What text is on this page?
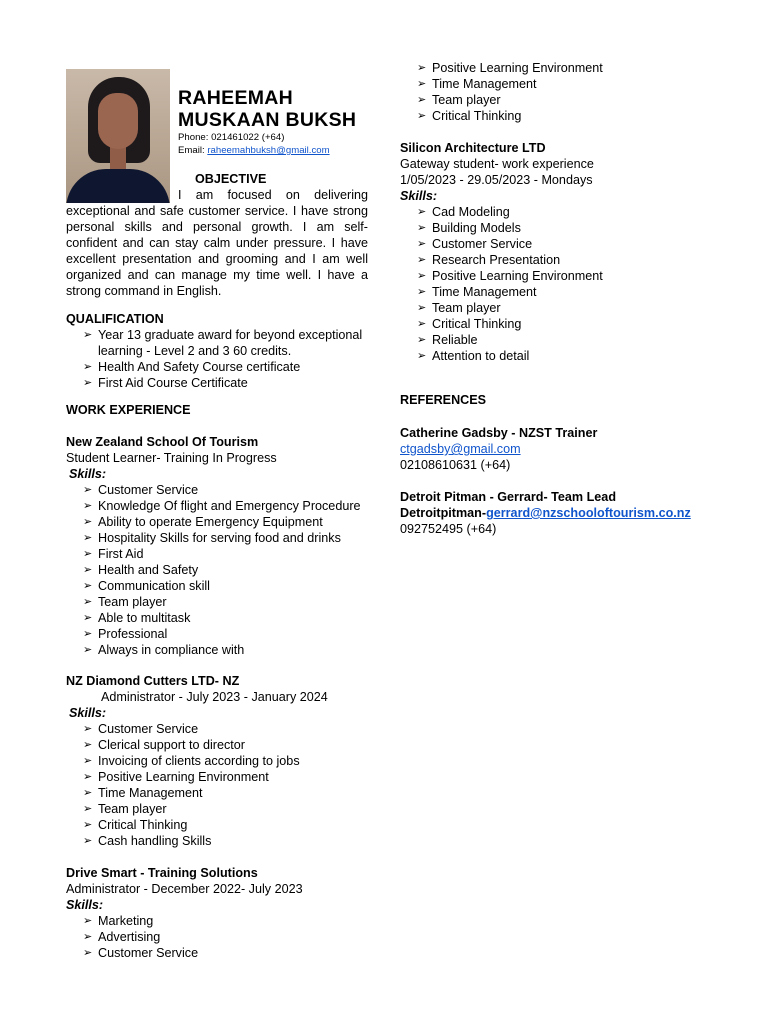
RAHEEMAH
MUSKAAN BUKSH
Phone: 021461022 (+64)
Email: raheemahbuksh@gmail.com
OBJECTIVE
I am focused on delivering exceptional and safe customer service. I have strong personal skills and personal growth. I am self-confident and can stay calm under pressure. I have excellent presentation and grooming and I am well organized and can manage my time well. I have a strong command in English.

QUALIFICATION

➢ Year 13 graduate award for beyond exceptional learning - Level 2 and 3 60 credits.
➢ Health And Safety Course certificate
➢ First Aid Course Certificate

WORK EXPERIENCE

New Zealand School Of Tourism

Student Learner- Training In Progress

Skills:

➢ Customer Service
➢ Knowledge Of flight and Emergency Procedure
➢ Ability to operate Emergency Equipment
➢ Hospitality Skills for serving food and drinks
➢ First Aid
➢ Health and Safety
➢ Communication skill
➢ Team player
➢ Able to multitask
➢ Professional
➢ Always in compliance with

NZ Diamond Cutters LTD- NZ

Administrator - July 2023 - January 2024

Skills:

➢ Customer Service
➢ Clerical support to director
➢ Invoicing of clients according to jobs
➢ Positive Learning Environment
➢ Time Management
➢ Team player
➢ Critical Thinking
➢ Cash handling Skills

Drive Smart - Training Solutions

Administrator - December 2022- July 2023

Skills:

➢ Marketing
➢ Advertising
➢ Customer Service
➢ Positive Learning Environment
➢ Time Management
➢ Team player
➢ Critical Thinking

Silicon Architecture LTD

Gateway student- work experience

1/05/2023 - 29.05/2023 - Mondays

Skills:

➢ Cad Modeling
➢ Building Models
➢ Customer Service
➢ Research Presentation
➢ Positive Learning Environment
➢ Time Management
➢ Team player
➢ Critical Thinking
➢ Reliable
➢ Attention to detail

REFERENCES

Catherine Gadsby - NZST Trainer

ctgadsby@gmail.com

02108610631 (+64)

Detroit Pitman - Gerrard- Team Lead

Detroitpitman-gerrard@nzschooloftourism.co.nz

092752495 (+64)
